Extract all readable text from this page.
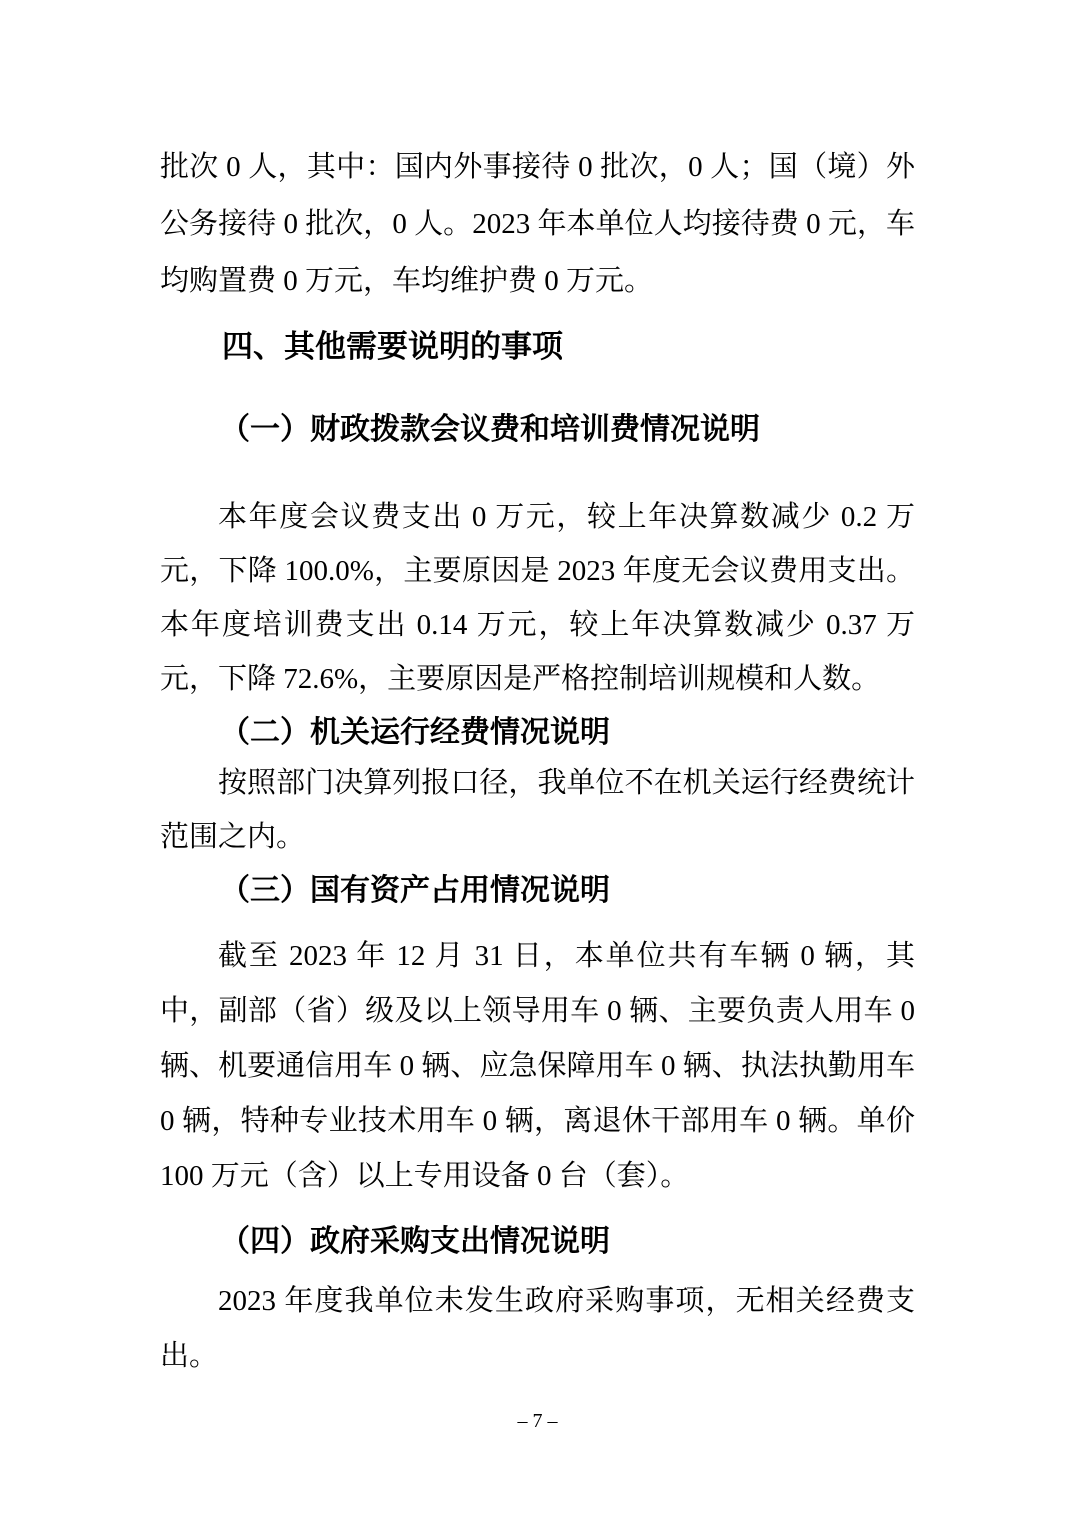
批次 0 人，其中：国内外事接待 0 批次，0 人；国（境）外公务接待 0 批次，0 人。2023 年本单位人均接待费 0 元，车均购置费 0 万元，车均维护费 0 万元。

四、其他需要说明的事项
（一）财政拨款会议费和培训费情况说明

本年度会议费支出 0 万元，较上年决算数减少 0.2 万元，下降 100.0%，主要原因是 2023 年度无会议费用支出。本年度培训费支出 0.14 万元，较上年决算数减少 0.37 万元，下降 72.6%，主要原因是严格控制培训规模和人数。

（二）机关运行经费情况说明

按照部门决算列报口径，我单位不在机关运行经费统计范围之内。

（三）国有资产占用情况说明

截至 2023 年 12 月 31 日，本单位共有车辆 0 辆，其中，副部（省）级及以上领导用车 0 辆、主要负责人用车 0 辆、机要通信用车 0 辆、应急保障用车 0 辆、执法执勤用车 0 辆，特种专业技术用车 0 辆，离退休干部用车 0 辆。单价 100 万元（含）以上专用设备 0 台（套）。

（四）政府采购支出情况说明

2023 年度我单位未发生政府采购事项，无相关经费支出。

– 7 –
